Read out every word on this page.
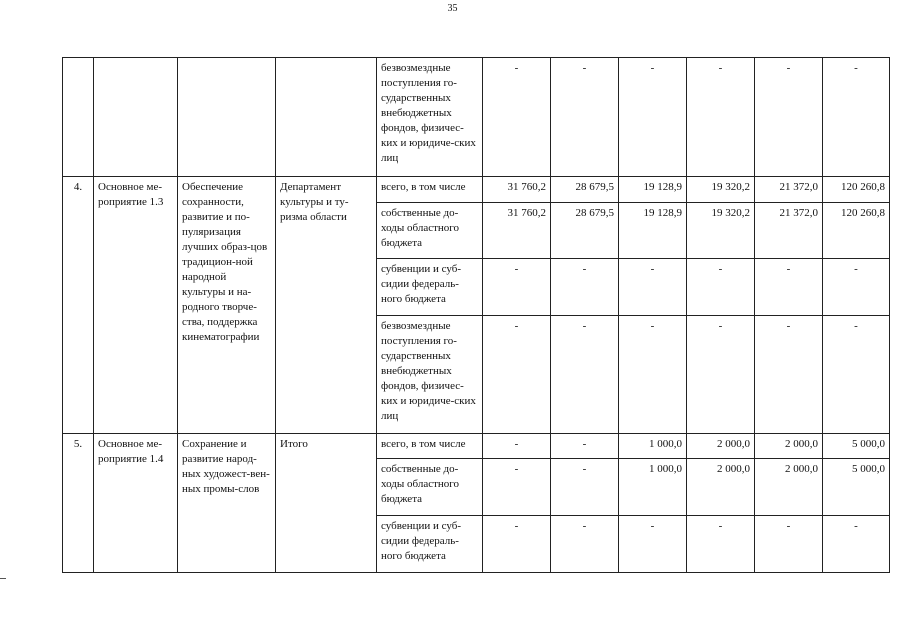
35
				безвозмездные поступления го-сударственных внебюджетных фондов, физичес-ких и юридиче-ских лиц	-	-	-	-	-	-
4.	Основное ме-роприятие 1.3	Обеспечение сохранности, развитие и по-пуляризация лучших образ-цов традицион-ной народной культуры и на-родного творче-ства, поддержка кинематографии	Департамент культуры и ту-ризма области	всего, в том числе	31 760,2	28 679,5	19 128,9	19 320,2	21 372,0	120 260,8
				собственные до-ходы областного бюджета	31 760,2	28 679,5	19 128,9	19 320,2	21 372,0	120 260,8
				субвенции и суб-сидии федераль-ного бюджета	-	-	-	-	-	-
				безвозмездные поступления го-сударственных внебюджетных фондов, физичес-ких и юридиче-ских лиц	-	-	-	-	-	-
5.	Основное ме-роприятие 1.4	Сохранение и развитие народ-ных художест-вен-ных промы-слов	Итого	всего, в том числе	-	-	1 000,0	2 000,0	2 000,0	5 000,0
				собственные до-ходы областного бюджета	-	-	1 000,0	2 000,0	2 000,0	5 000,0
				субвенции и суб-сидии федераль-ного бюджета	-	-	-	-	-	-
